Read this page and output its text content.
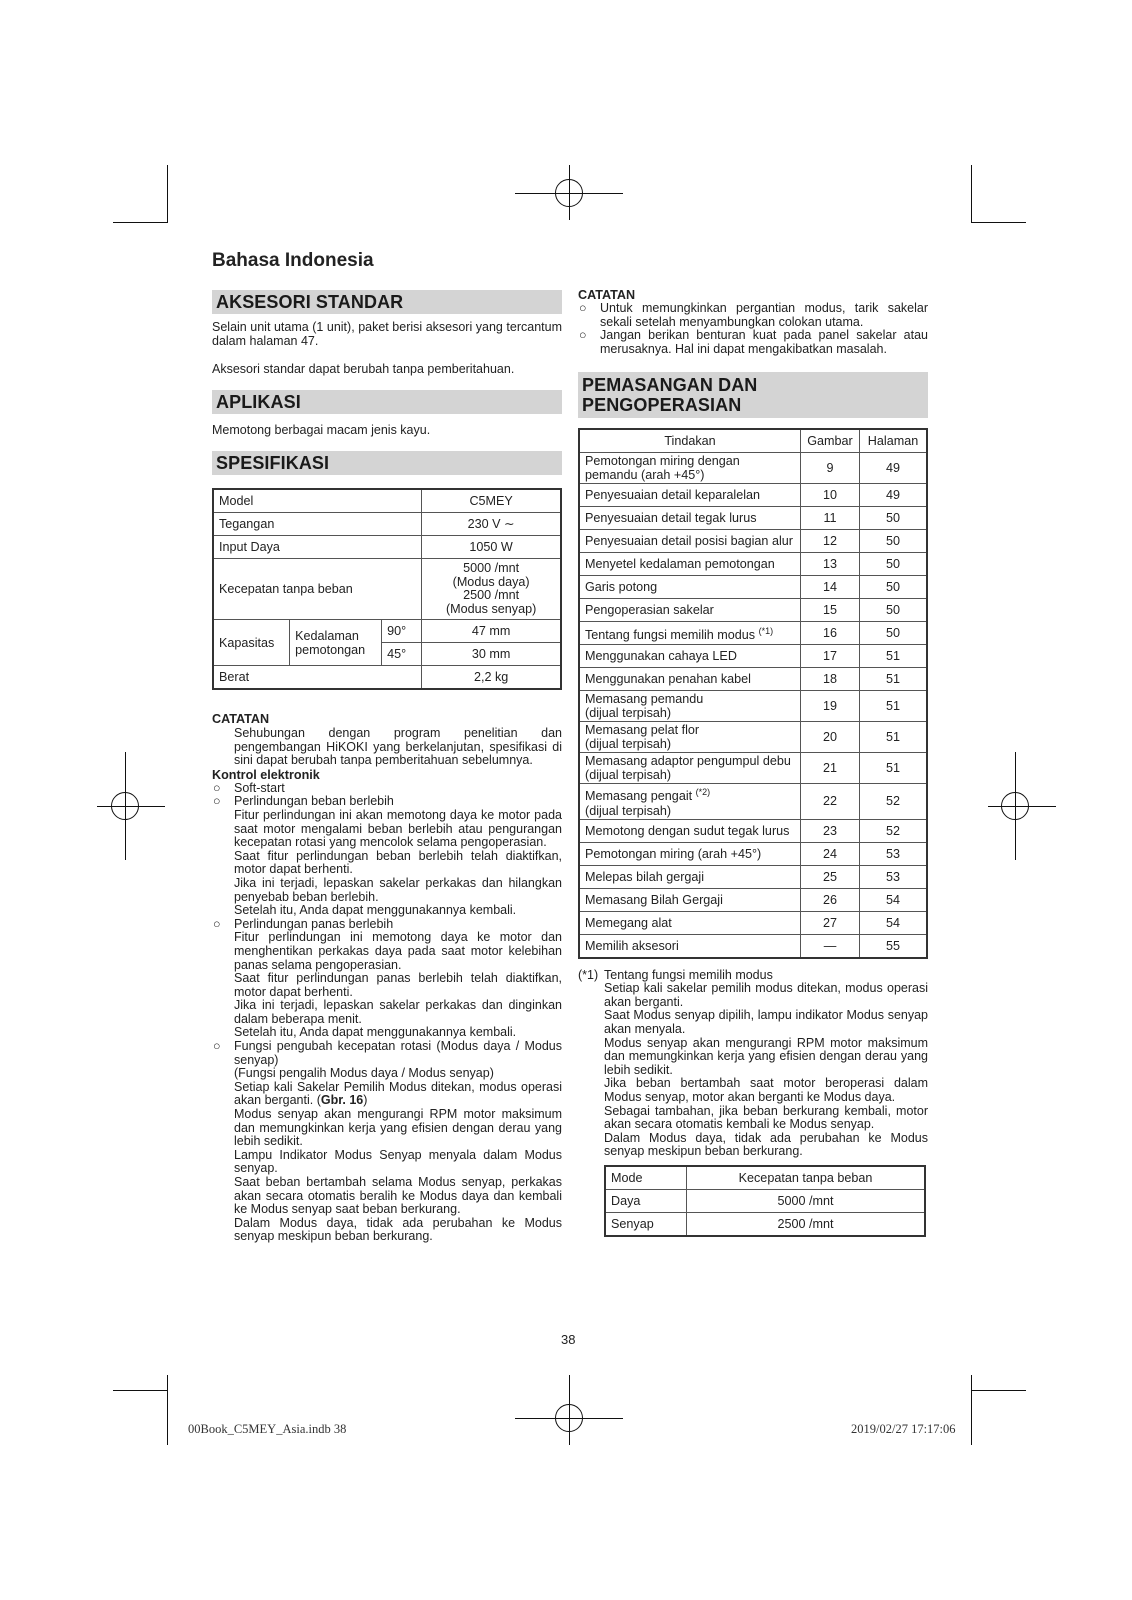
Bahasa Indonesia
AKSESORI STANDAR

Selain unit utama (1 unit), paket berisi aksesori yang tercantum dalam halaman 47.

Aksesori standar dapat berubah tanpa pemberitahuan.

APLIKASI

Memotong berbagai macam jenis kayu.

SPESIFIKASI
Model			C5MEY
Tegangan			230 V ∼
Input Daya			1050 W
Kecepatan tanpa beban			5000 /mnt
(Modus daya)
2500 /mnt
(Modus senyap)

Kapasitas	Kedalaman
pemotongan	90°	47 mm
		45°	30 mm
Berat			2,2 kg
CATATAN

Sehubungan dengan program penelitian dan pengembangan HiKOKI yang berkelanjutan, spesifikasi di sini dapat berubah tanpa pemberitahuan sebelumnya.

Kontrol elektronik
○ Soft-start
○ Perlindungan beban berlebih
Fitur perlindungan ini akan memotong daya ke motor pada saat motor mengalami beban berlebih atau pengurangan kecepatan rotasi yang mencolok selama pengoperasian.
Saat fitur perlindungan beban berlebih telah diaktifkan, motor dapat berhenti.
Jika ini terjadi, lepaskan sakelar perkakas dan hilangkan penyebab beban berlebih.
Setelah itu, Anda dapat menggunakannya kembali.
○ Perlindungan panas berlebih
Fitur perlindungan ini memotong daya ke motor dan menghentikan perkakas daya pada saat motor kelebihan panas selama pengoperasian.
Saat fitur perlindungan panas berlebih telah diaktifkan, motor dapat berhenti.
Jika ini terjadi, lepaskan sakelar perkakas dan dinginkan dalam beberapa menit.
Setelah itu, Anda dapat menggunakannya kembali.
○ Fungsi pengubah kecepatan rotasi (Modus daya / Modus senyap)
(Fungsi pengalih Modus daya / Modus senyap)
Setiap kali Sakelar Pemilih Modus ditekan, modus operasi akan berganti. (Gbr. 16)
Modus senyap akan mengurangi RPM motor maksimum dan memungkinkan kerja yang efisien dengan derau yang lebih sedikit.
Lampu Indikator Modus Senyap menyala dalam Modus senyap.
Saat beban bertambah selama Modus senyap, perkakas akan secara otomatis beralih ke Modus daya dan kembali ke Modus senyap saat beban berkurang.
Dalam Modus daya, tidak ada perubahan ke Modus senyap meskipun beban berkurang.
CATATAN
○ Untuk memungkinkan pergantian modus, tarik sakelar sekali setelah menyambungkan colokan utama.
○ Jangan berikan benturan kuat pada panel sakelar atau merusaknya. Hal ini dapat mengakibatkan masalah.
PEMASANGAN DAN
PENGOPERASIAN
Tindakan	Gambar	Halaman

Pemotongan miring dengan pemandu (arah +45°)	9	49

Penyesuaian detail keparalelan	10	49

Penyesuaian detail tegak lurus	11	50

Penyesuaian detail posisi bagian alur	12	50

Menyetel kedalaman pemotongan	13	50

Garis potong	14	50

Pengoperasian sakelar	15	50
Tentang fungsi memilih modus $^{(*1)}$	16	50

Menggunakan cahaya LED	17	51

Menggunakan penahan kabel	18	51

Memasang pemandu
(dijual terpisah)	19	51

Memasang pelat flor
(dijual terpisah)	20	51

Memasang adaptor pengumpul debu
(dijual terpisah)	21	51
Memasang pengait $^{(*2)}$
(dijual terpisah)	22	52

Memotong dengan sudut tegak lurus	23	52

Pemotongan miring (arah +45°)	24	53

Melepas bilah gergaji	25	53

Memasang Bilah Gergaji	26	54

Memegang alat	27	54

Memilih aksesori	—	55
(*1) Tentang fungsi memilih modus
Setiap kali sakelar pemilih modus ditekan, modus operasi akan berganti.
Saat Modus senyap dipilih, lampu indikator Modus senyap akan menyala.
Modus senyap akan mengurangi RPM motor maksimum dan memungkinkan kerja yang efisien dengan derau yang lebih sedikit.
Jika beban bertambah saat motor beroperasi dalam Modus senyap, motor akan berganti ke Modus daya.
Sebagai tambahan, jika beban berkurang kembali, motor akan secara otomatis kembali ke Modus senyap.
Dalam Modus daya, tidak ada perubahan ke Modus senyap meskipun beban berkurang.
Mode	Kecepatan tanpa beban
Daya	5000 /mnt
Senyap	2500 /mnt
38
00Book_C5MEY_Asia.indb 38	2019/02/27 17:17:06
